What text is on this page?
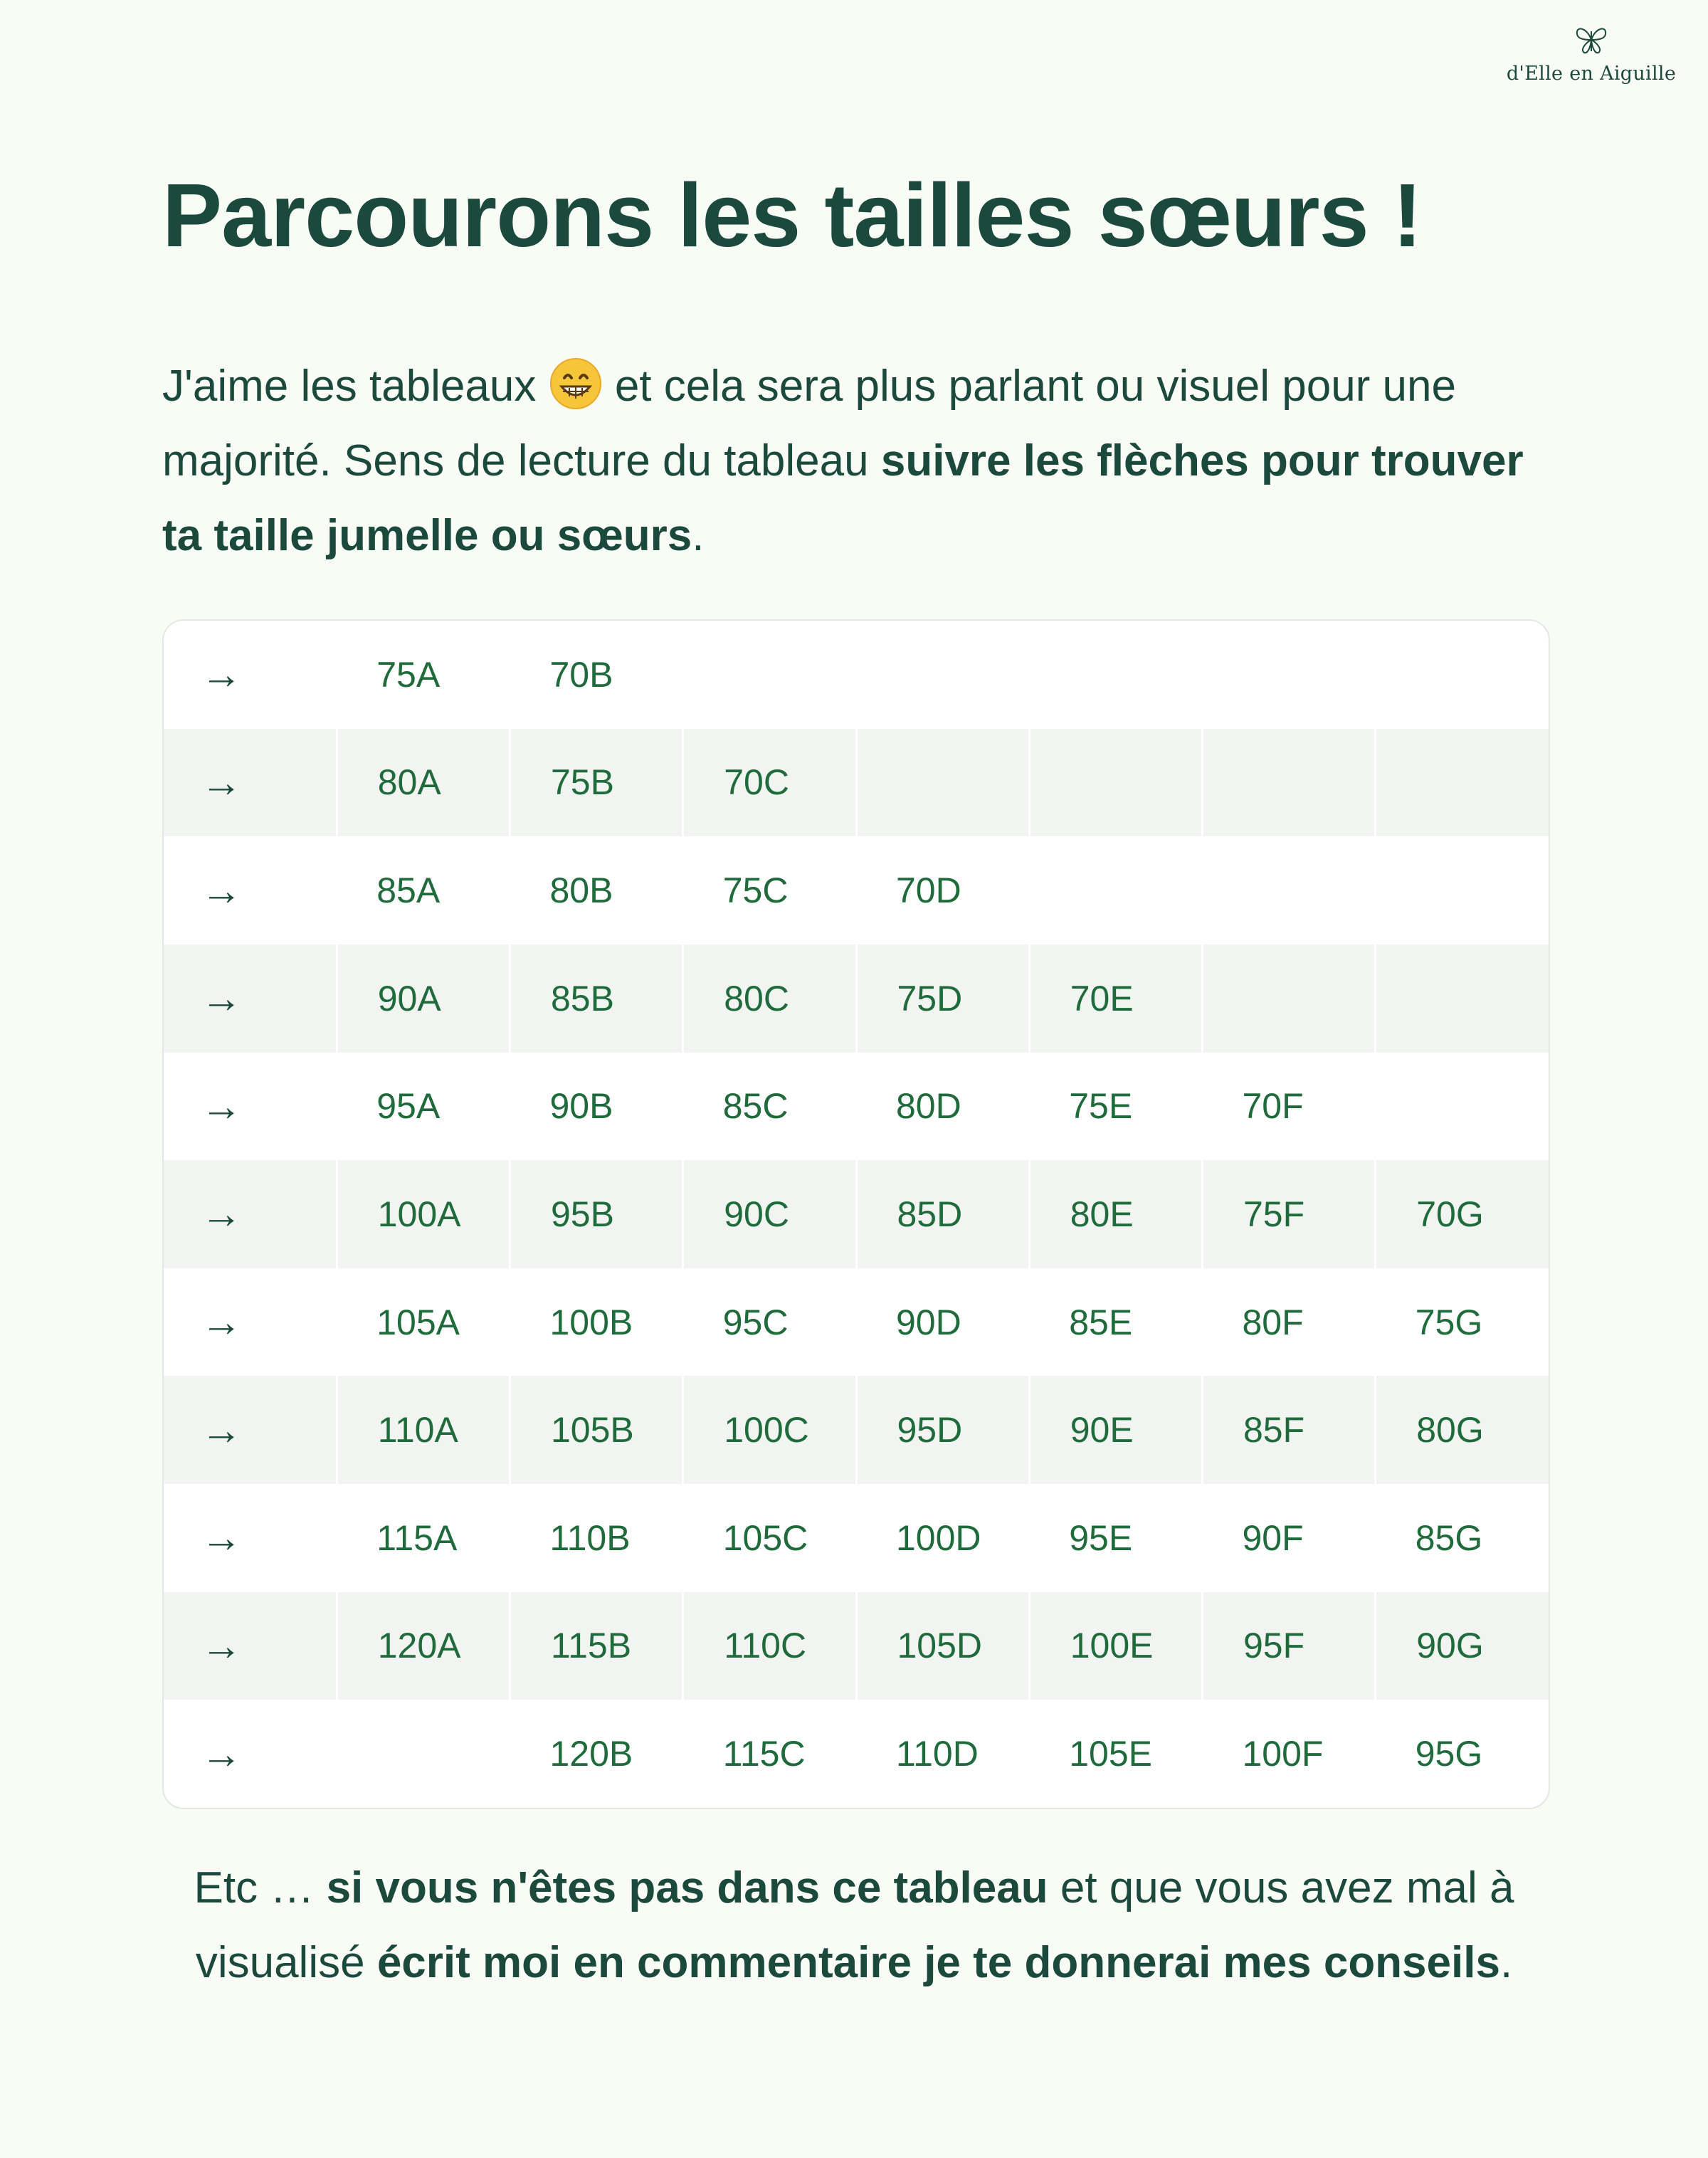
d'Elle en Aiguille
Parcourons les tailles sœurs !

J'aime les tableaux et cela sera plus parlant ou visuel pour une majorité. Sens de lecture du tableau suivre les flèches pour trouver ta taille jumelle ou sœurs.

→	75A	70B					
→	80A	75B	70C				
→	85A	80B	75C	70D			
→	90A	85B	80C	75D	70E		
→	95A	90B	85C	80D	75E	70F	
→	100A	95B	90C	85D	80E	75F	70G
→	105A	100B	95C	90D	85E	80F	75G
→	110A	105B	100C	95D	90E	85F	80G
→	115A	110B	105C	100D	95E	90F	85G
→	120A	115B	110C	105D	100E	95F	90G
→		120B	115C	110D	105E	100F	95G

Etc … si vous n'êtes pas dans ce tableau et que vous avez mal à visualisé écrit moi en commentaire je te donnerai mes conseils.
